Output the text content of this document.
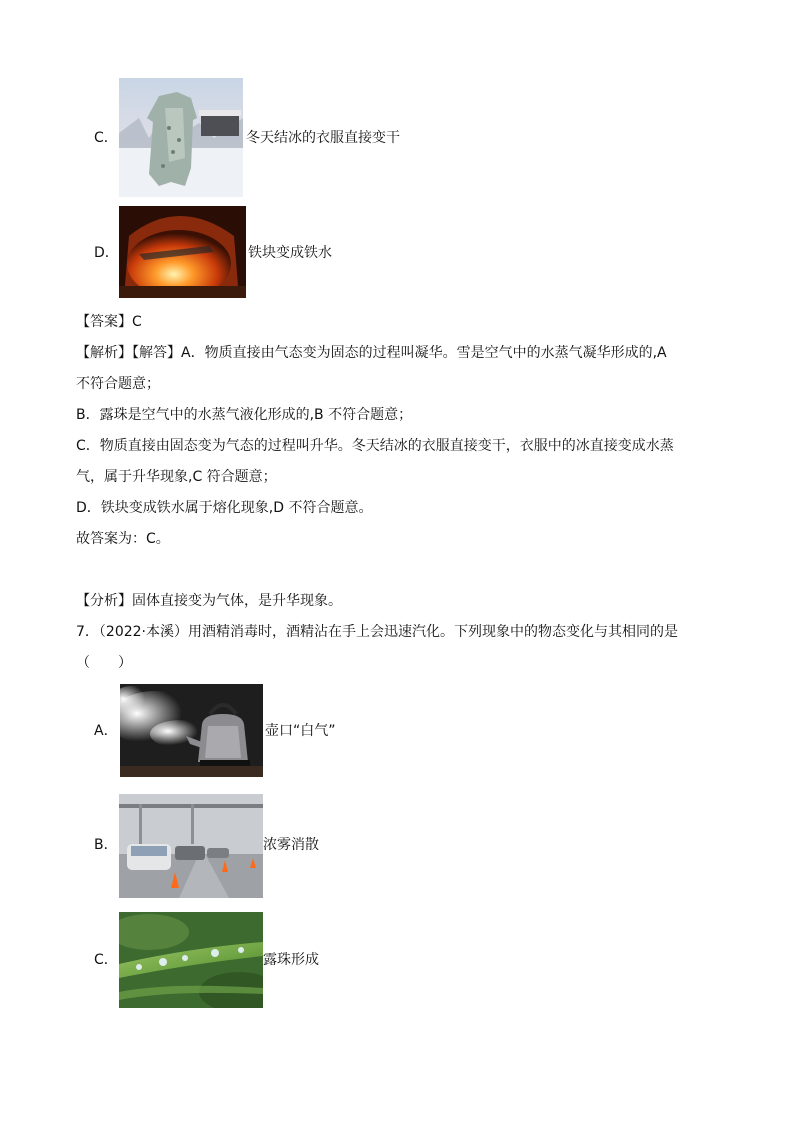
C．	冬天结冰的衣服直接变干
D．	铁块变成铁水
【答案】C
【解析】【解答】A．物质直接由气态变为固态的过程叫凝华。雪是空气中的水蒸气凝华形成的,A
不符合题意；
B．露珠是空气中的水蒸气液化形成的,B 不符合题意；
C．物质直接由固态变为气态的过程叫升华。冬天结冰的衣服直接变干，衣服中的冰直接变成水蒸
气，属于升华现象,C 符合题意；
D．铁块变成铁水属于熔化现象,D 不符合题意。
故答案为：C。
【分析】固体直接变为气体，是升华现象。
7．（2022·本溪）用酒精消毒时，酒精沾在手上会迅速汽化。下列现象中的物态变化与其相同的是
（　　）
A．	壶口“白气”
B．	浓雾消散
C．	露珠形成
